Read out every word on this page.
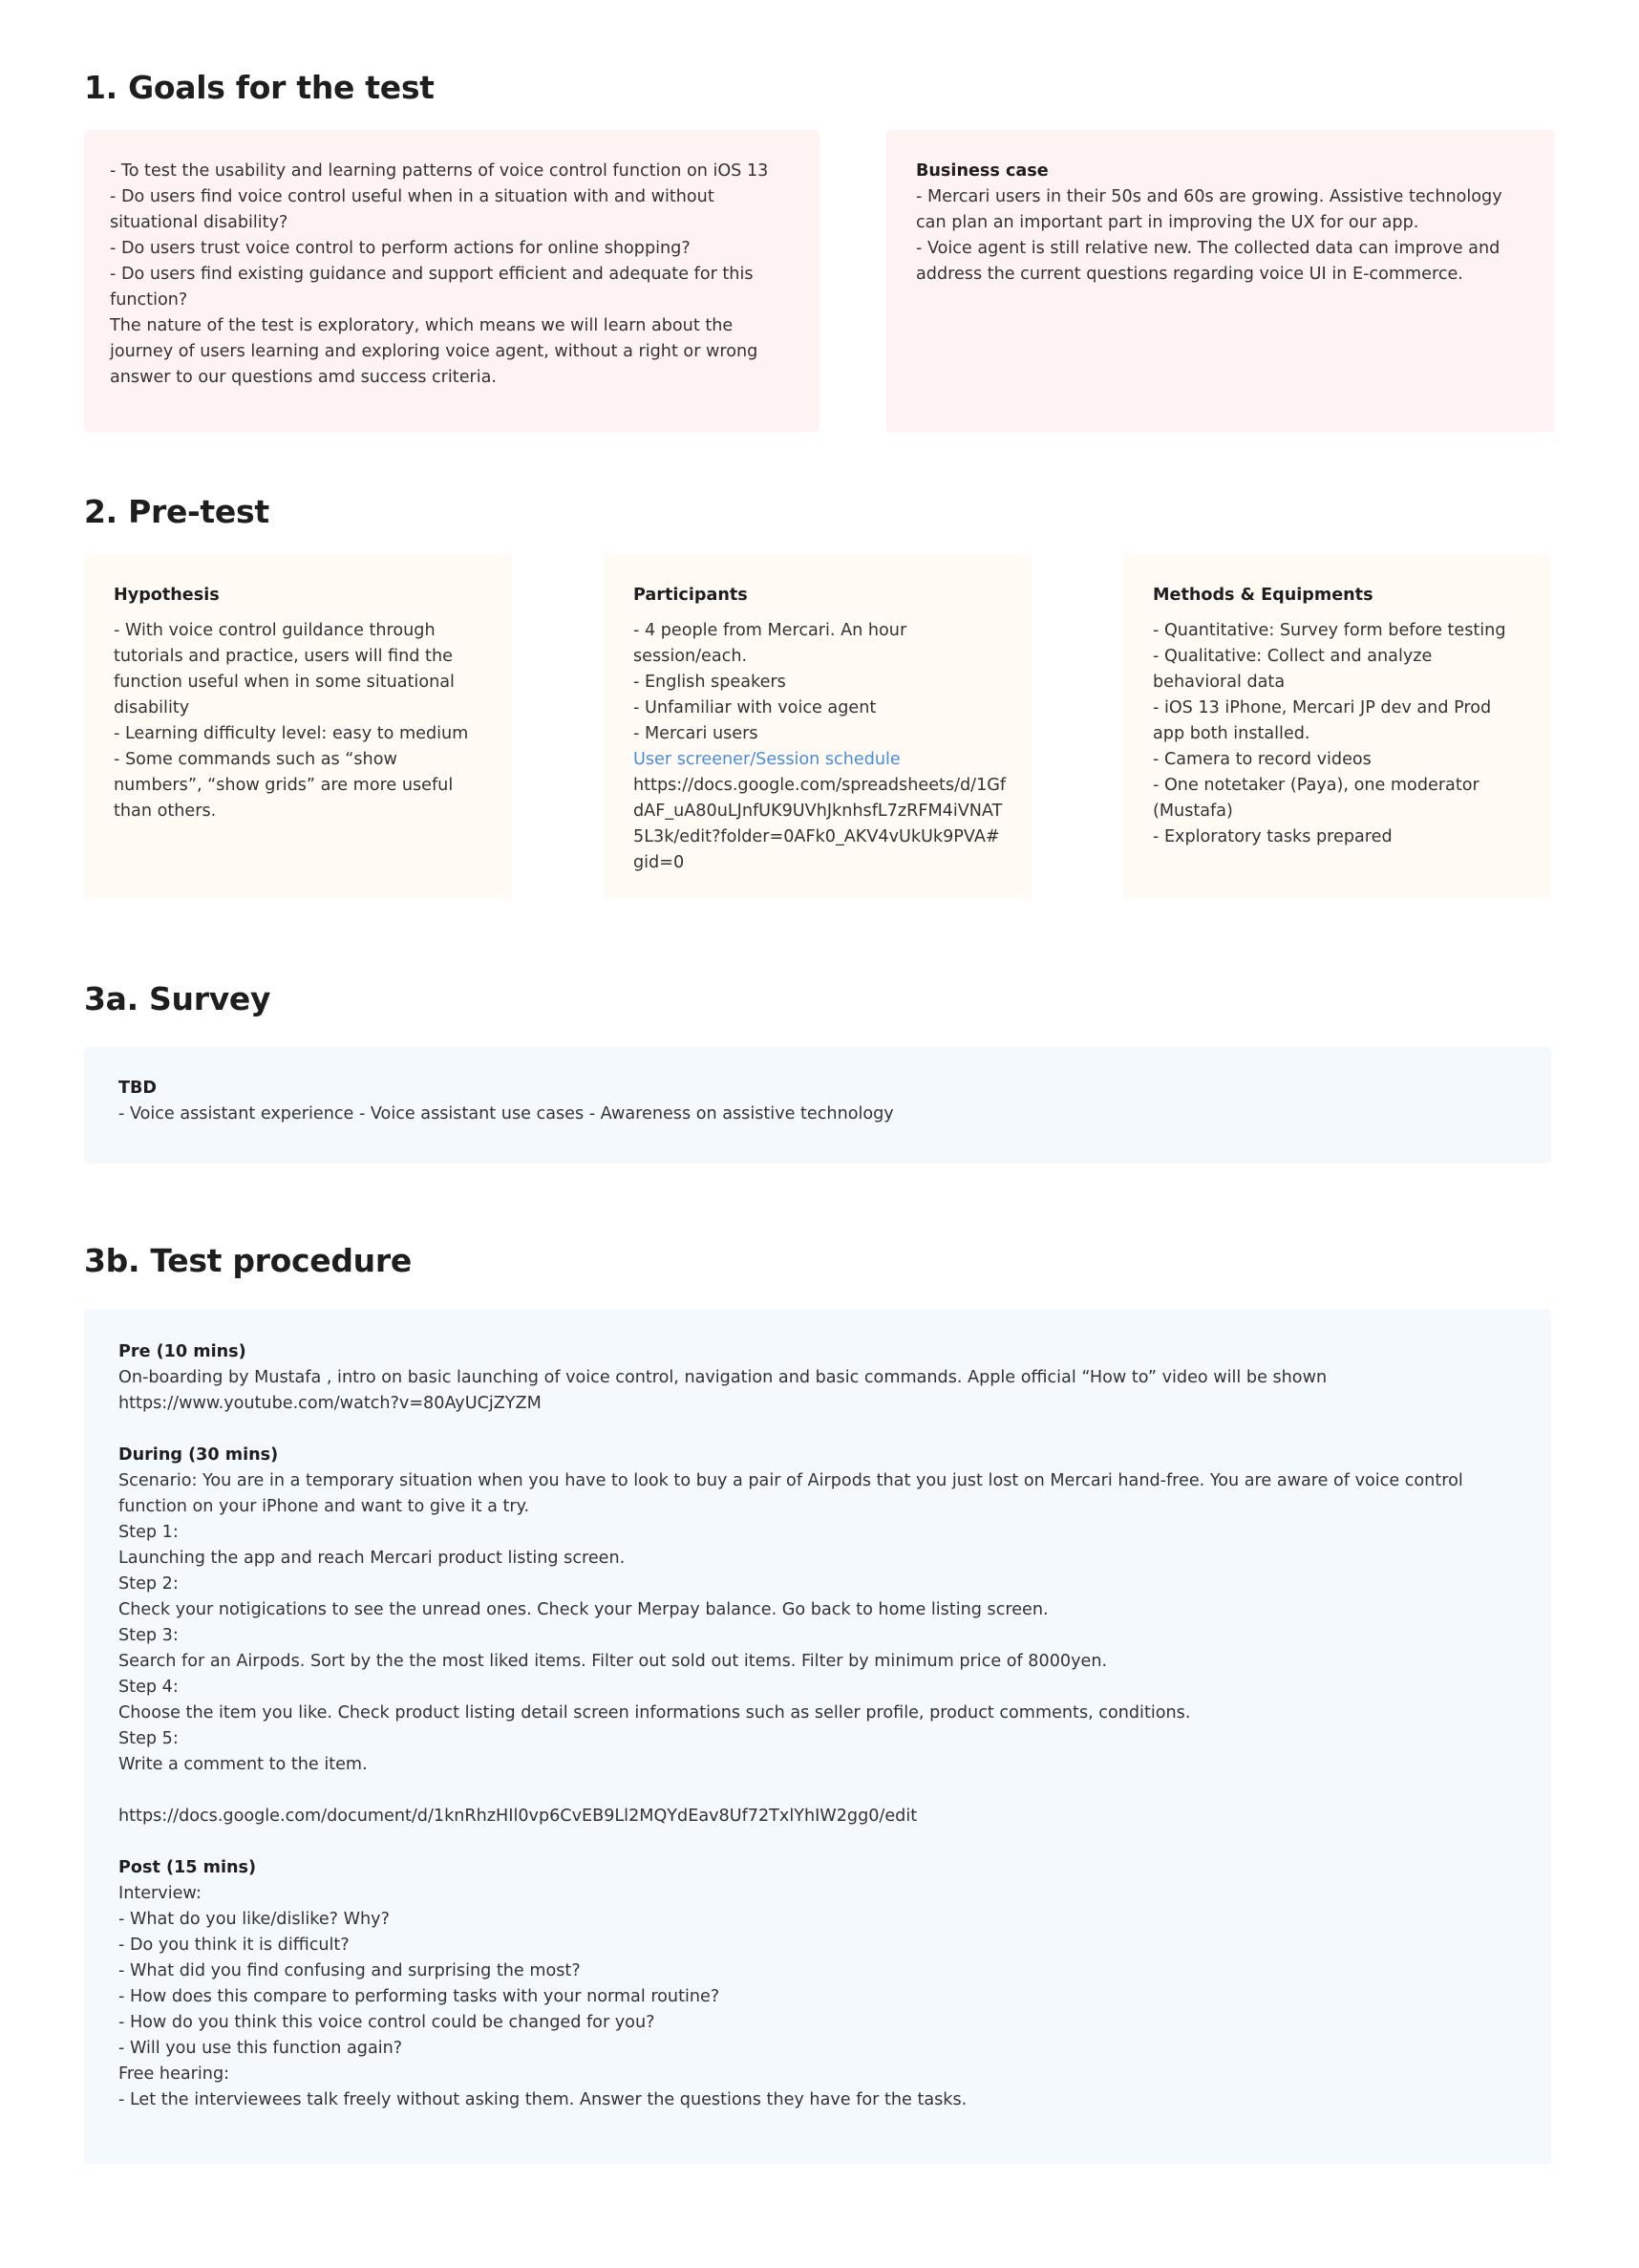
1. Goals for the test
- To test the usability and learning patterns of voice control function on iOS 13
- Do users find voice control useful when in a situation with and without situational disability?
- Do users trust voice control to perform actions for online shopping?
- Do users find existing guidance and support efficient and adequate for this function?
The nature of the test is exploratory, which means we will learn about the journey of users learning and exploring voice agent, without a right or wrong answer to our questions amd success criteria.
Business case
- Mercari users in their 50s and 60s are growing. Assistive technology can plan an important part in improving the UX for our app.
- Voice agent is still relative new. The collected data can improve and address the current questions regarding voice UI in E-commerce.
2. Pre-test
Hypothesis
- With voice control guildance through tutorials and practice, users will find the function useful when in some situational disability
- Learning difficulty level: easy to medium
- Some commands such as “show numbers”, “show grids” are more useful than others.
Participants
- 4 people from Mercari. An hour session/each.
- English speakers
- Unfamiliar with voice agent
- Mercari users
User screener/Session schedule
https://docs.google.com/spreadsheets/d/1GfdAF_uA80uLJnfUK9UVhJknhsfL7zRFM4iVNAT5L3k/edit?folder=0AFk0_AKV4vUkUk9PVA#gid=0
Methods & Equipments
- Quantitative: Survey form before testing
- Qualitative: Collect and analyze behavioral data
- iOS 13 iPhone, Mercari JP dev and Prod app both installed.
- Camera to record videos
- One notetaker (Paya), one moderator (Mustafa)
- Exploratory tasks prepared
3a. Survey
TBD
- Voice assistant experience - Voice assistant use cases - Awareness on assistive technology
3b. Test procedure
Pre (10 mins)
On-boarding by Mustafa , intro on basic launching of voice control, navigation and basic commands. Apple official “How to” video will be shown
https://www.youtube.com/watch?v=80AyUCjZYZM
During (30 mins)
Scenario: You are in a temporary situation when you have to look to buy a pair of Airpods that you just lost on Mercari hand-free. You are aware of voice control function on your iPhone and want to give it a try.
Step 1:
Launching the app and reach Mercari product listing screen.
Step 2:
Check your notigications to see the unread ones. Check your Merpay balance. Go back to home listing screen.
Step 3:
Search for an Airpods. Sort by the the most liked items. Filter out sold out items. Filter by minimum price of 8000yen.
Step 4:
Choose the item you like. Check product listing detail screen informations such as seller profile, product comments, conditions.
Step 5:
Write a comment to the item.
https://docs.google.com/document/d/1knRhzHIl0vp6CvEB9Ll2MQYdEav8Uf72TxlYhIW2gg0/edit
Post (15 mins)
Interview:
- What do you like/dislike? Why?
- Do you think it is difficult?
- What did you find confusing and surprising the most?
- How does this compare to performing tasks with your normal routine?
- How do you think this voice control could be changed for you?
- Will you use this function again?
Free hearing:
- Let the interviewees talk freely without asking them. Answer the questions they have for the tasks.
